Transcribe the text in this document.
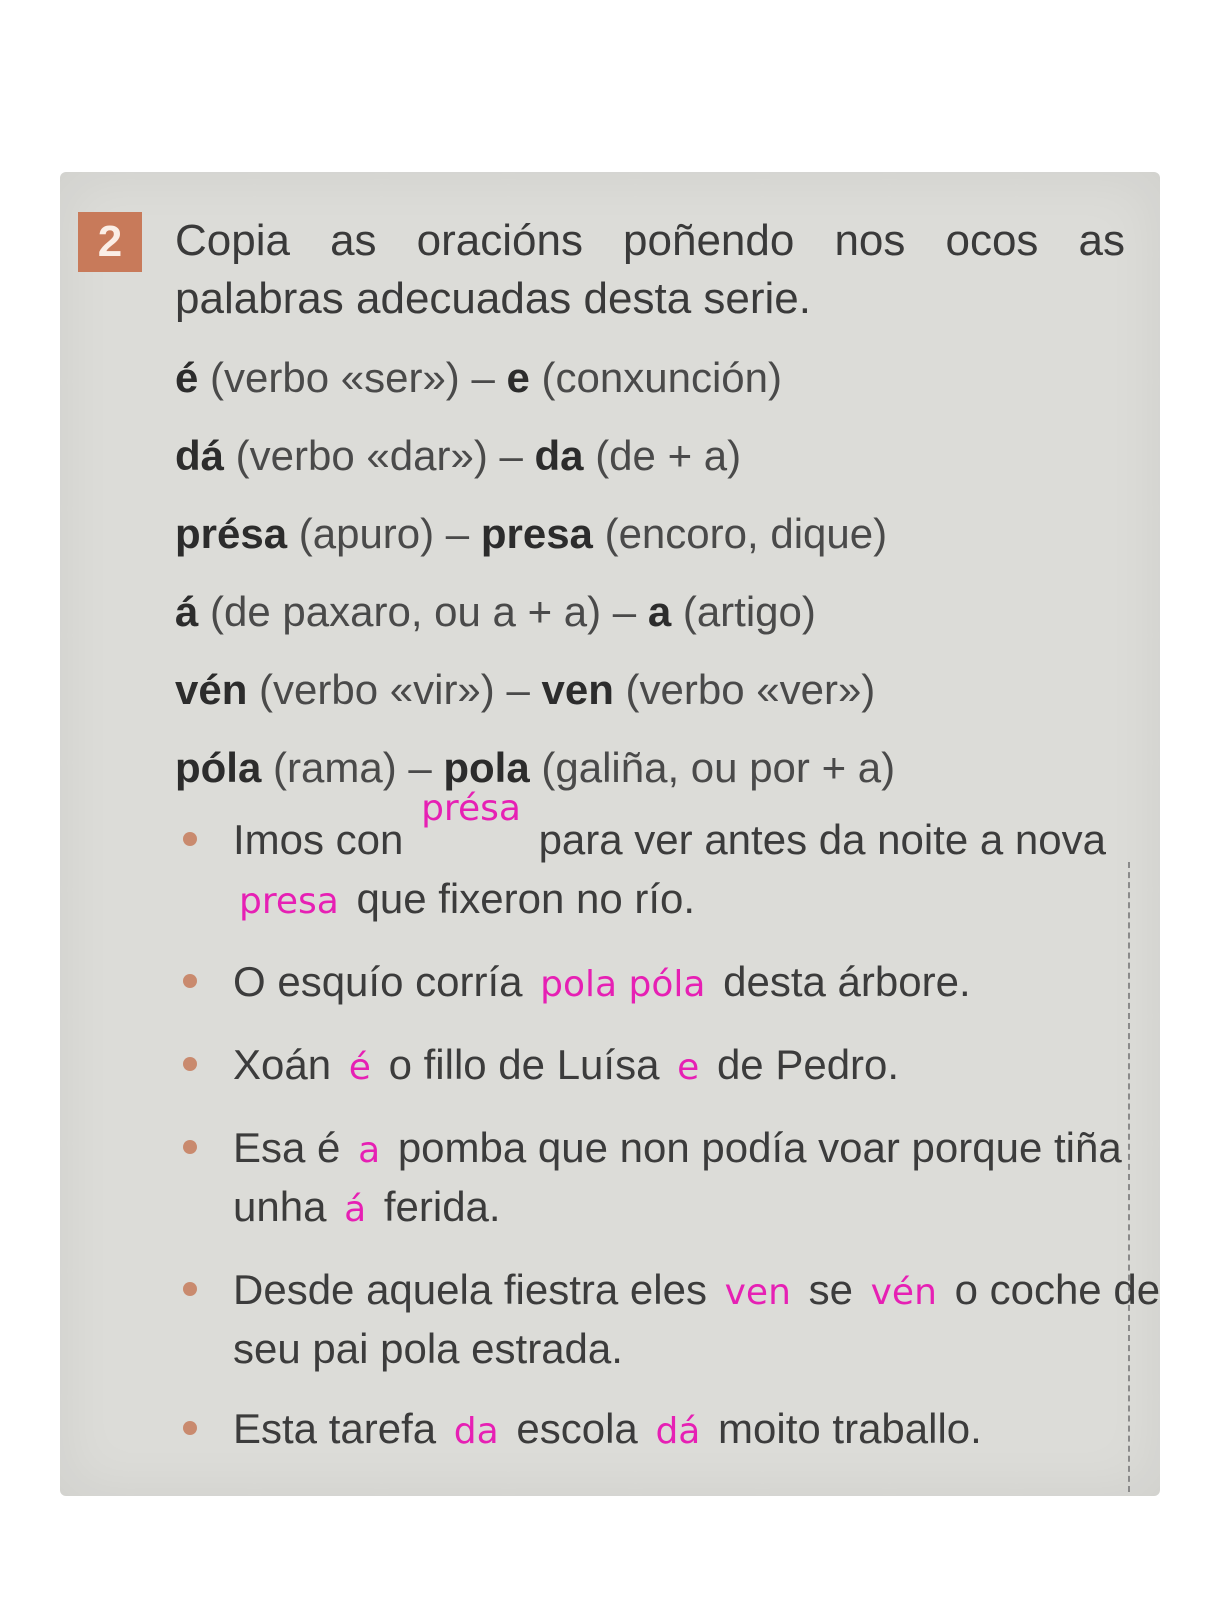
2	Copia as oracións poñendo nos ocos as palabras adecuadas desta serie.

é (verbo «ser») – e (conxunción)
dá (verbo «dar») – da (de + a)
présa (apuro) – presa (encoro, dique)
á (de paxaro, ou a + a) – a (artigo)
vén (verbo «vir») – ven (verbo «ver»)
póla (rama) – pola (galiña, ou por + a)
Imos con présa para ver antes da noite a nova presa que fixeron no río.
O esquío corría pola póla desta árbore.
Xoán é o fillo de Luísa e de Pedro.
Esa é a pomba que non podía voar porque tiña unha á ferida.
Desde aquela fiestra eles ven se vén o coche de seu pai pola estrada.
Esta tarefa da escola dá moito traballo.
